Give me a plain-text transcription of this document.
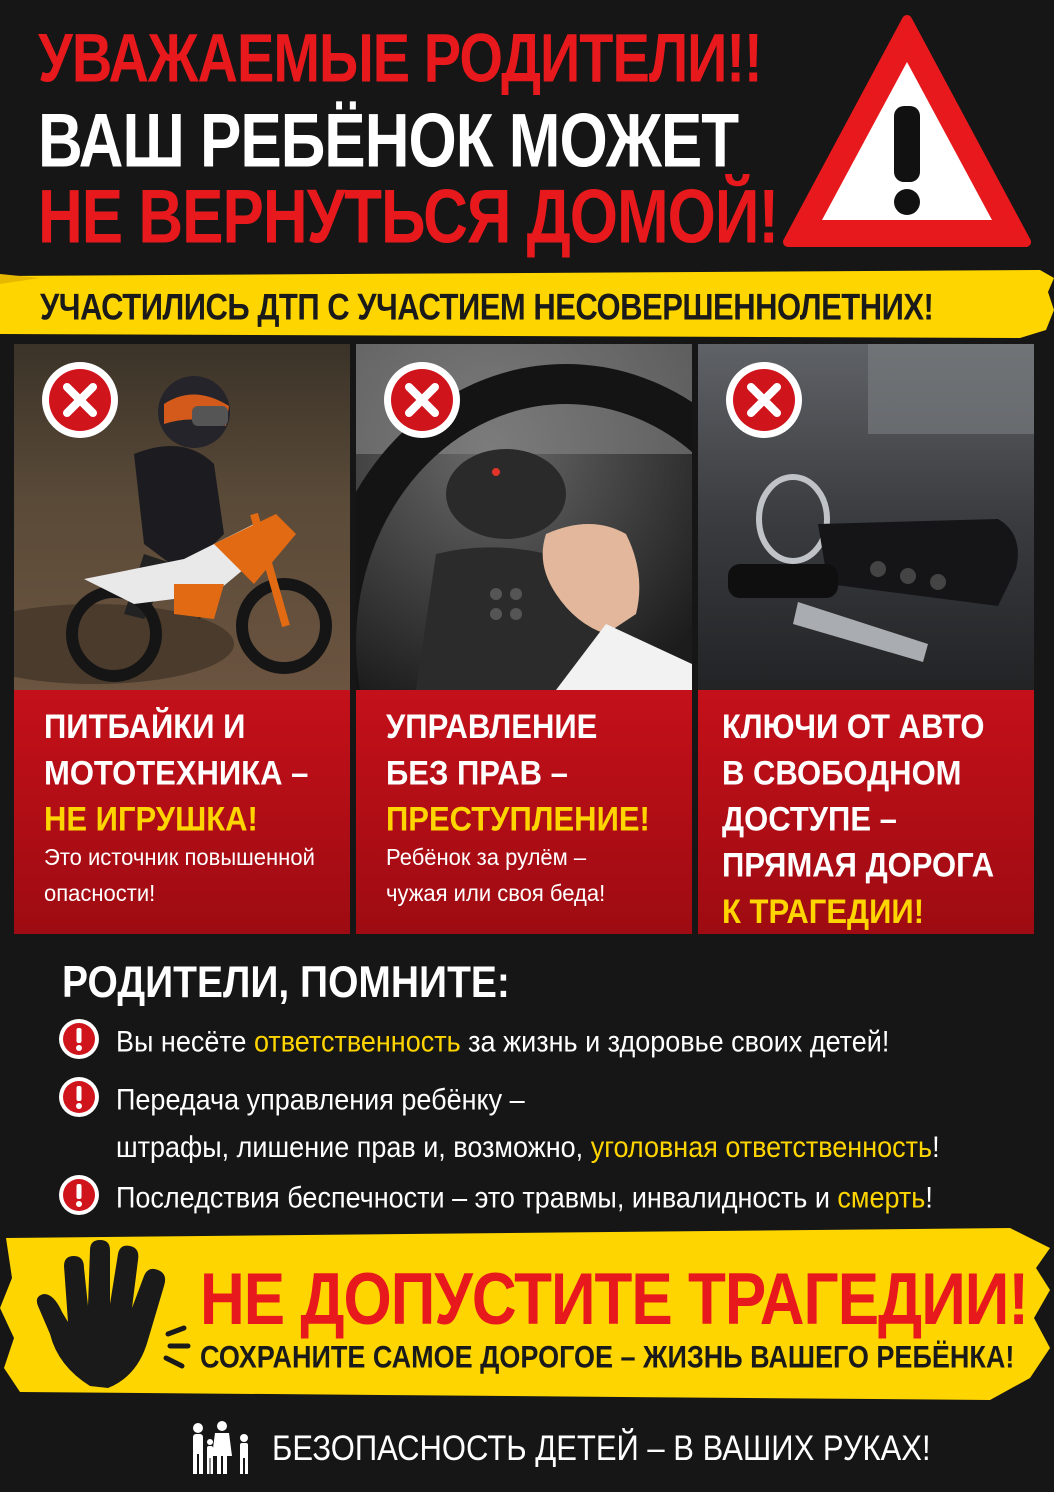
УВАЖАЕМЫЕ РОДИТЕЛИ!!
ВАШ РЕБЁНОК МОЖЕТ
НЕ ВЕРНУТЬСЯ ДОМОЙ!
УЧАСТИЛИСЬ ДТП С УЧАСТИЕМ НЕСОВЕРШЕННОЛЕТНИХ!
ПИТБАЙКИ И
МОТОТЕХНИКА –
НЕ ИГРУШКА!
Это источник повышенной
опасности!
УПРАВЛЕНИЕ
БЕЗ ПРАВ –
ПРЕСТУПЛЕНИЕ!
Ребёнок за рулём –
чужая или своя беда!
КЛЮЧИ ОТ АВТО
В СВОБОДНОМ
ДОСТУПЕ –
ПРЯМАЯ ДОРОГА
К ТРАГЕДИИ!
РОДИТЕЛИ, ПОМНИТЕ:
Вы несёте ответственность за жизнь и здоровье своих детей!
Передача управления ребёнку –
штрафы, лишение прав и, возможно, уголовная ответственность!
Последствия беспечности – это травмы, инвалидность и смерть!
НЕ ДОПУСТИТЕ ТРАГЕДИИ!
СОХРАНИТЕ САМОЕ ДОРОГОЕ – ЖИЗНЬ ВАШЕГО РЕБЁНКА!
БЕЗОПАСНОСТЬ ДЕТЕЙ – В ВАШИХ РУКАХ!
